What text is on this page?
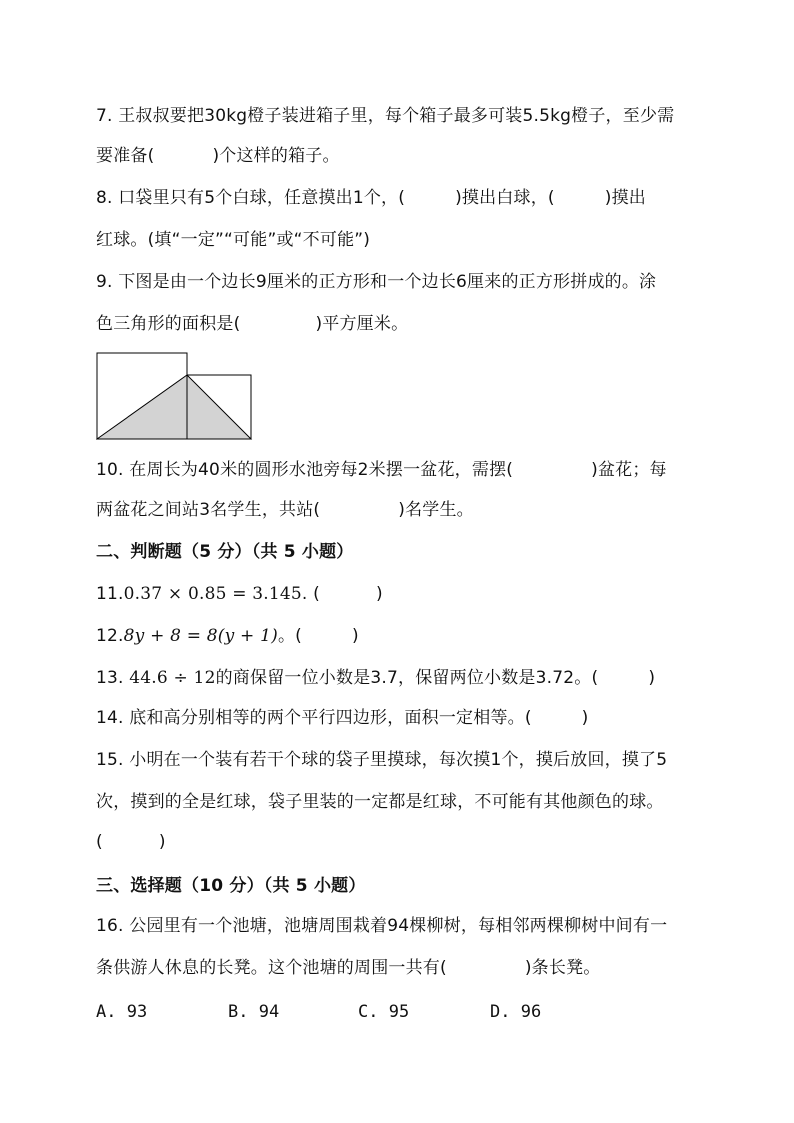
7. 王叔叔要把30kg橙子装进箱子里，每个箱子最多可装5.5kg橙子，至少需
要准备(	)个这样的箱子。
8. 口袋里只有5个白球，任意摸出1个，(	)摸出白球，(	)摸出
红球。(填“一定”“可能”或“不可能”)
9. 下图是由一个边长9厘米的正方形和一个边长6厘来的正方形拼成的。涂
色三角形的面积是(	)平方厘米。
10. 在周长为40米的圆形水池旁每2米摆一盆花，需摆(	)盆花；每
两盆花之间站3名学生，共站(	)名学生。
二、判断题（5 分）（共 5 小题）
11.0.37 × 0.85 = 3.145. (	)
12.8y + 8 = 8(y + 1)。(	)
13. 44.6 ÷ 12的商保留一位小数是3.7，保留两位小数是3.72。(	)
14. 底和高分别相等的两个平行四边形，面积一定相等。(	)
15. 小明在一个装有若干个球的袋子里摸球，每次摸1个，摸后放回，摸了5
次，摸到的全是红球，袋子里装的一定都是红球，不可能有其他颜色的球。
(	)
三、选择题（10 分）（共 5 小题）
16. 公园里有一个池塘，池塘周围栽着94棵柳树，每相邻两棵柳树中间有一
条供游人休息的长凳。这个池塘的周围一共有(	)条长凳。
A. 93	B. 94	C. 95	D. 96
